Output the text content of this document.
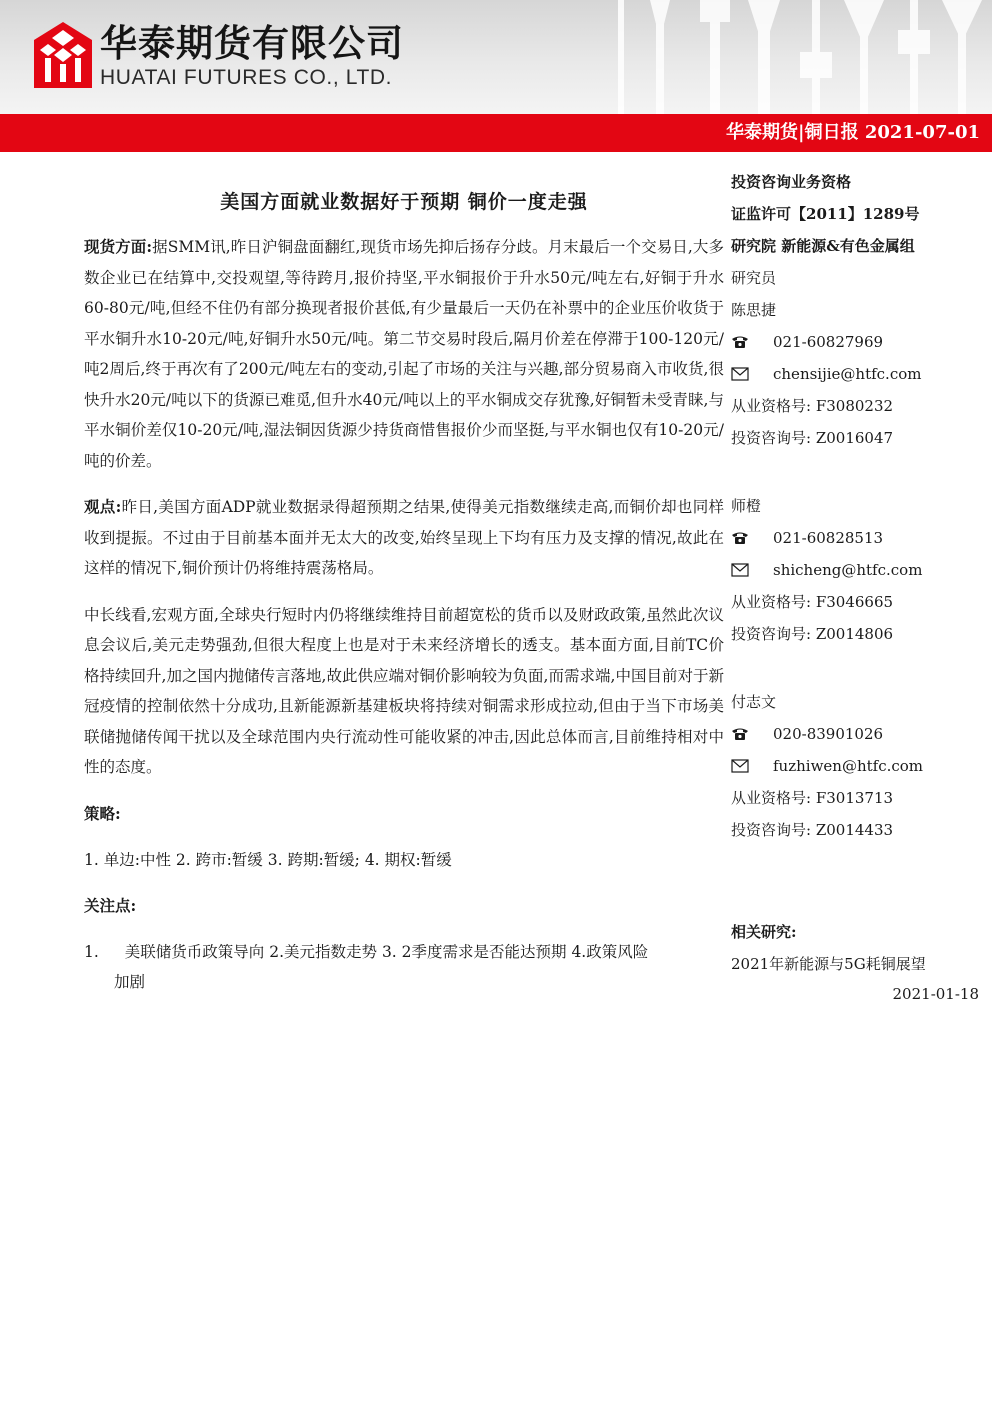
华泰期货有限公司
HUATAI FUTURES CO., LTD.
华泰期货|铜日报 2021-07-01
美国方面就业数据好于预期 铜价一度走强

现货方面:据SMM讯,昨日沪铜盘面翻红,现货市场先抑后扬存分歧。月末最后一个交易日,大多数企业已在结算中,交投观望,等待跨月,报价持坚,平水铜报价于升水50元/吨左右,好铜于升水60-80元/吨,但经不住仍有部分换现者报价甚低,有少量最后一天仍在补票中的企业压价收货于平水铜升水10-20元/吨,好铜升水50元/吨。第二节交易时段后,隔月价差在停滞于100-120元/吨2周后,终于再次有了200元/吨左右的变动,引起了市场的关注与兴趣,部分贸易商入市收货,很快升水20元/吨以下的货源已难觅,但升水40元/吨以上的平水铜成交存犹豫,好铜暂未受青睐,与平水铜价差仅10-20元/吨,湿法铜因货源少持货商惜售报价少而坚挺,与平水铜也仅有10-20元/吨的价差。

观点:昨日,美国方面ADP就业数据录得超预期之结果,使得美元指数继续走高,而铜价却也同样收到提振。不过由于目前基本面并无太大的改变,始终呈现上下均有压力及支撑的情况,故此在这样的情况下,铜价预计仍将维持震荡格局。

中长线看,宏观方面,全球央行短时内仍将继续维持目前超宽松的货币以及财政政策,虽然此次议息会议后,美元走势强劲,但很大程度上也是对于未来经济增长的透支。基本面方面,目前TC价格持续回升,加之国内抛储传言落地,故此供应端对铜价影响较为负面,而需求端,中国目前对于新冠疫情的控制依然十分成功,且新能源新基建板块将持续对铜需求形成拉动,但由于当下市场美联储抛储传闻干扰以及全球范围内央行流动性可能收紧的冲击,因此总体而言,目前维持相对中性的态度。

策略:
1. 单边:中性 2. 跨市:暂缓 3. 跨期:暂缓; 4. 期权:暂缓
关注点:
1. 美联储货币政策导向 2.美元指数走势 3. 2季度需求是否能达预期 4.政策风险
加剧
投资咨询业务资格
证监许可【2011】1289号
研究院 新能源&有色金属组
研究员
陈思捷
021-60827969
chensijie@htfc.com
从业资格号: F3080232
投资咨询号: Z0016047
师橙
021-60828513
shicheng@htfc.com
从业资格号: F3046665
投资咨询号: Z0014806
付志文
020-83901026
fuzhiwen@htfc.com
从业资格号: F3013713
投资咨询号: Z0014433
相关研究:
2021年新能源与5G耗铜展望
2021-01-18
